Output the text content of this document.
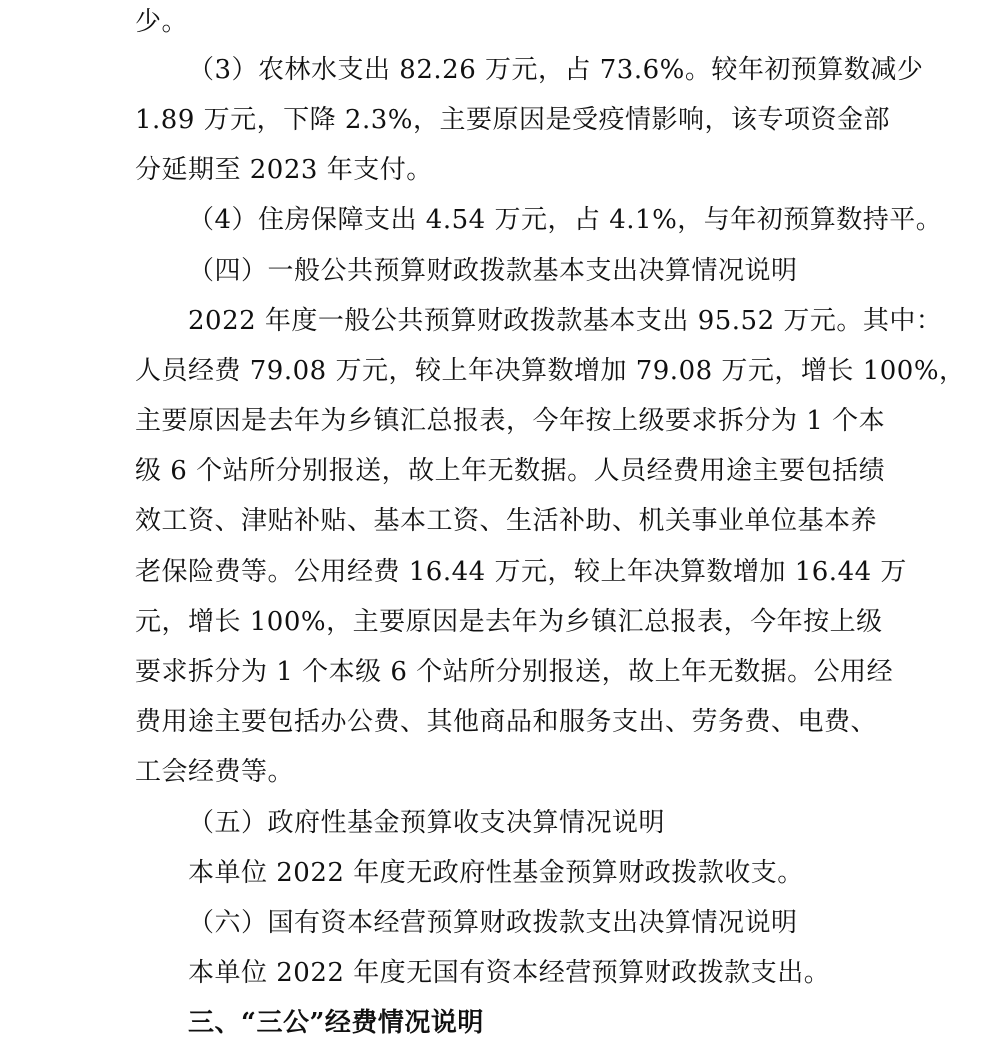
少。
（3）农林水支出 82.26 万元，占 73.6%。较年初预算数减少
1.89 万元，下降 2.3%，主要原因是受疫情影响，该专项资金部
分延期至 2023 年支付。
（4）住房保障支出 4.54 万元，占 4.1%，与年初预算数持平。
（四）一般公共预算财政拨款基本支出决算情况说明
2022 年度一般公共预算财政拨款基本支出 95.52 万元。其中：
人员经费 79.08 万元，较上年决算数增加 79.08 万元，增长 100%，
主要原因是去年为乡镇汇总报表，今年按上级要求拆分为 1 个本
级 6 个站所分别报送，故上年无数据。人员经费用途主要包括绩
效工资、津贴补贴、基本工资、生活补助、机关事业单位基本养
老保险费等。公用经费 16.44 万元，较上年决算数增加 16.44 万
元，增长 100%，主要原因是去年为乡镇汇总报表，今年按上级
要求拆分为 1 个本级 6 个站所分别报送，故上年无数据。公用经
费用途主要包括办公费、其他商品和服务支出、劳务费、电费、
工会经费等。
（五）政府性基金预算收支决算情况说明
本单位 2022 年度无政府性基金预算财政拨款收支。
（六）国有资本经营预算财政拨款支出决算情况说明
本单位 2022 年度无国有资本经营预算财政拨款支出。
三、“三公”经费情况说明
